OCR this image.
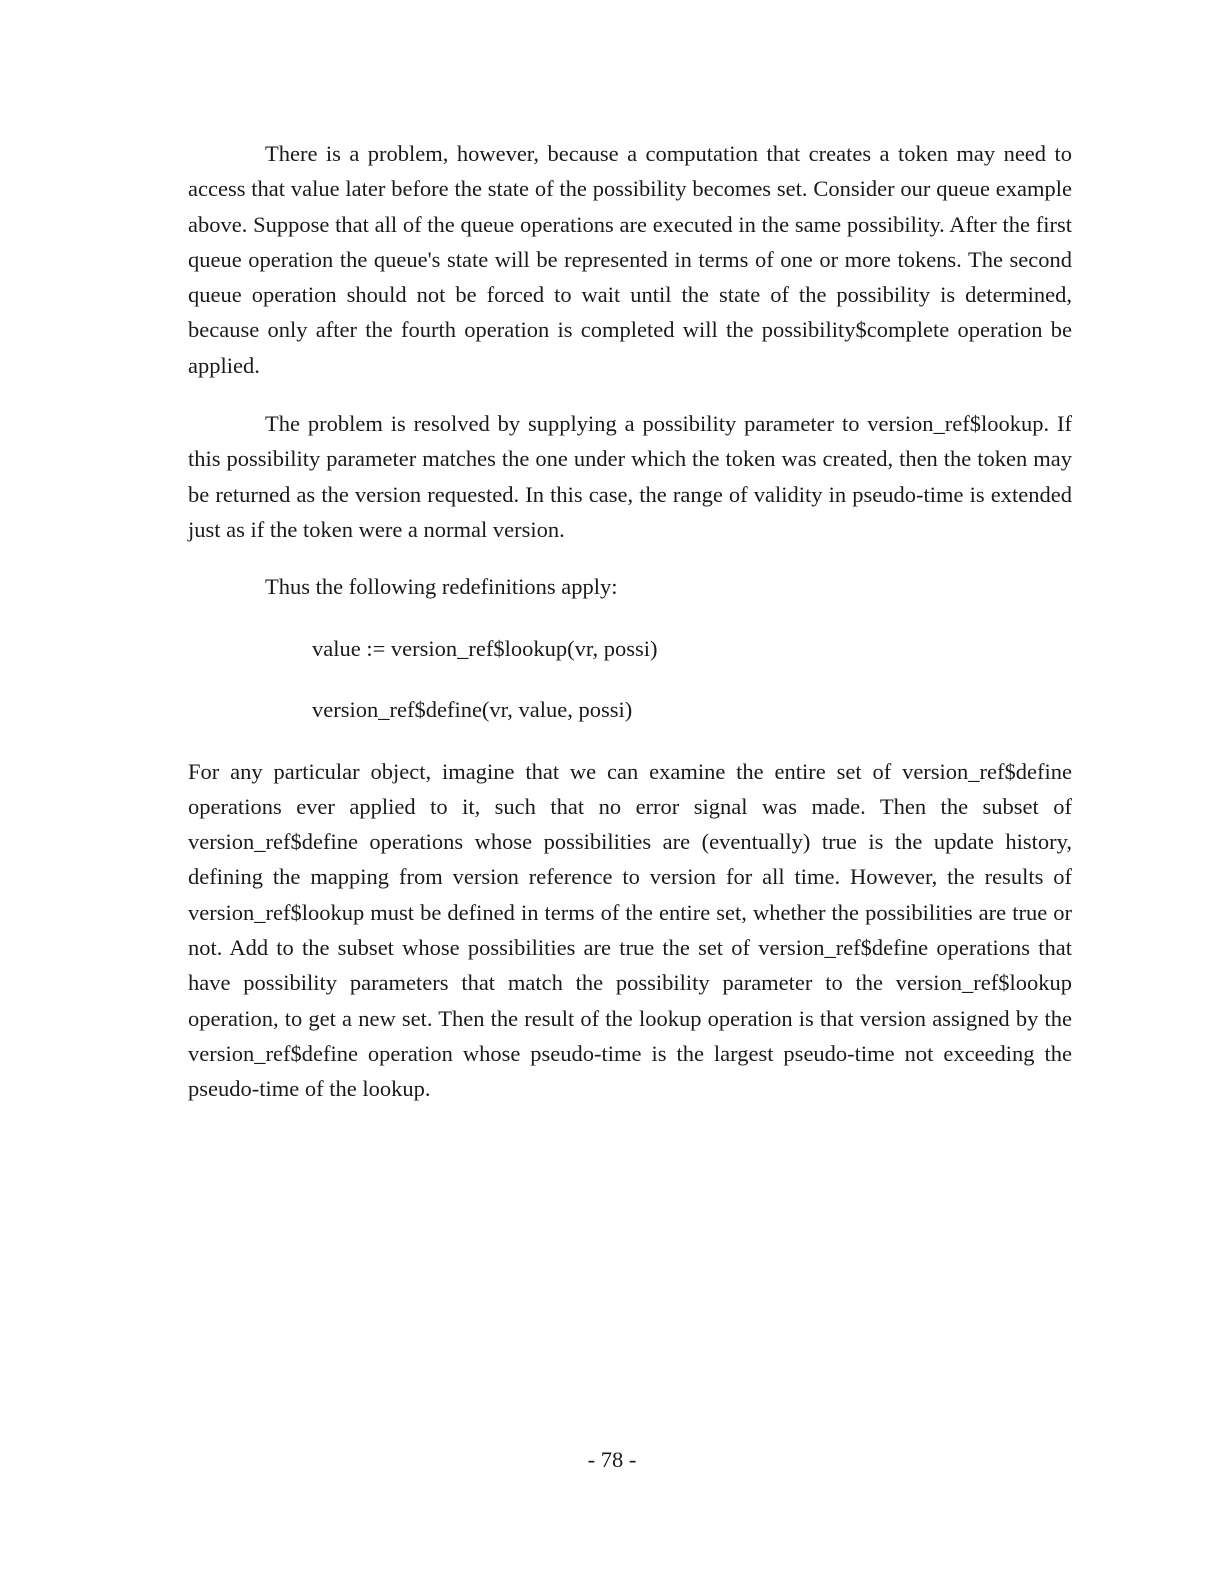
There is a problem, however, because a computation that creates a token may need to access that value later before the state of the possibility becomes set. Consider our queue example above. Suppose that all of the queue operations are executed in the same possibility. After the first queue operation the queue's state will be represented in terms of one or more tokens. The second queue operation should not be forced to wait until the state of the possibility is determined, because only after the fourth operation is completed will the possibility$complete operation be applied.

The problem is resolved by supplying a possibility parameter to version_ref$lookup. If this possibility parameter matches the one under which the token was created, then the token may be returned as the version requested. In this case, the range of validity in pseudo-time is extended just as if the token were a normal version.

Thus the following redefinitions apply:

value := version_ref$lookup(vr, possi)

version_ref$define(vr, value, possi)

For any particular object, imagine that we can examine the entire set of version_ref$define operations ever applied to it, such that no error signal was made. Then the subset of version_ref$define operations whose possibilities are (eventually) true is the update history, defining the mapping from version reference to version for all time. However, the results of version_ref$lookup must be defined in terms of the entire set, whether the possibilities are true or not. Add to the subset whose possibilities are true the set of version_ref$define operations that have possibility parameters that match the possibility parameter to the version_ref$lookup operation, to get a new set. Then the result of the lookup operation is that version assigned by the version_ref$define operation whose pseudo-time is the largest pseudo-time not exceeding the pseudo-time of the lookup.

- 78 -
